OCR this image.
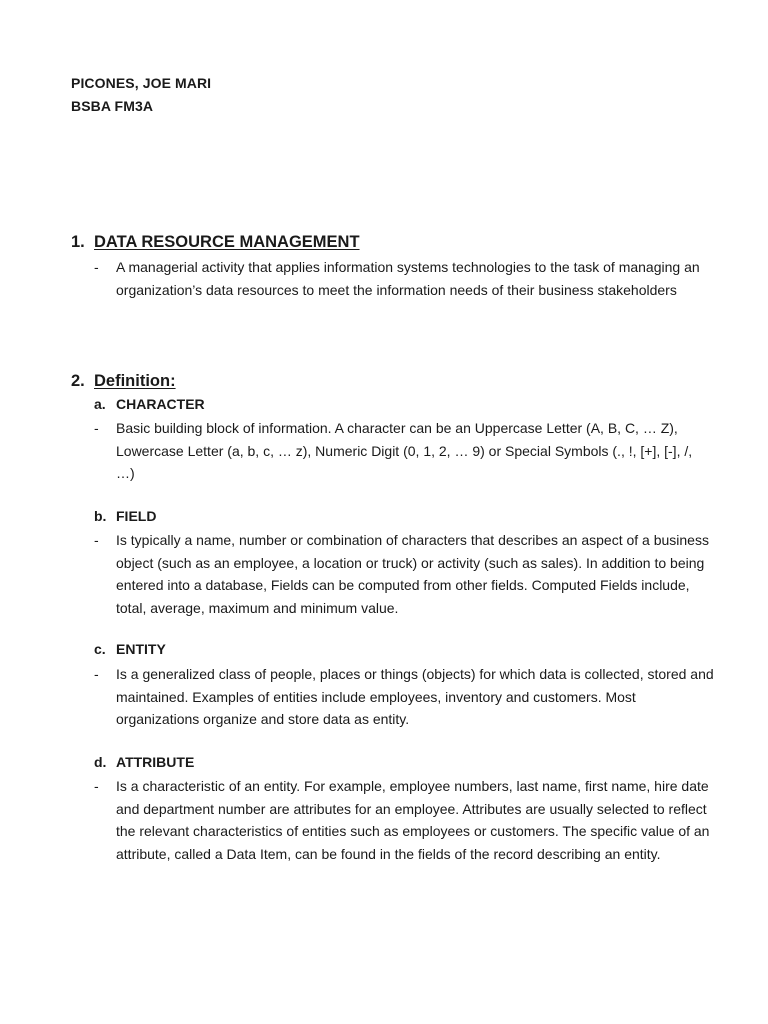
PICONES, JOE MARI
BSBA FM3A
1. DATA RESOURCE MANAGEMENT
- A managerial activity that applies information systems technologies to the task of managing an organization’s data resources to meet the information needs of their business stakeholders
2. Definition:
a. CHARACTER
- Basic building block of information. A character can be an Uppercase Letter (A, B, C, … Z), Lowercase Letter (a, b, c, … z), Numeric Digit (0, 1, 2, … 9) or Special Symbols (., !, [+], [-], /, …)
b. FIELD
- Is typically a name, number or combination of characters that describes an aspect of a business object (such as an employee, a location or truck) or activity (such as sales). In addition to being entered into a database, Fields can be computed from other fields. Computed Fields include, total, average, maximum and minimum value.
c. ENTITY
- Is a generalized class of people, places or things (objects) for which data is collected, stored and maintained. Examples of entities include employees, inventory and customers. Most organizations organize and store data as entity.
d. ATTRIBUTE
- Is a characteristic of an entity. For example, employee numbers, last name, first name, hire date and department number are attributes for an employee. Attributes are usually selected to reflect the relevant characteristics of entities such as employees or customers. The specific value of an attribute, called a Data Item, can be found in the fields of the record describing an entity.
